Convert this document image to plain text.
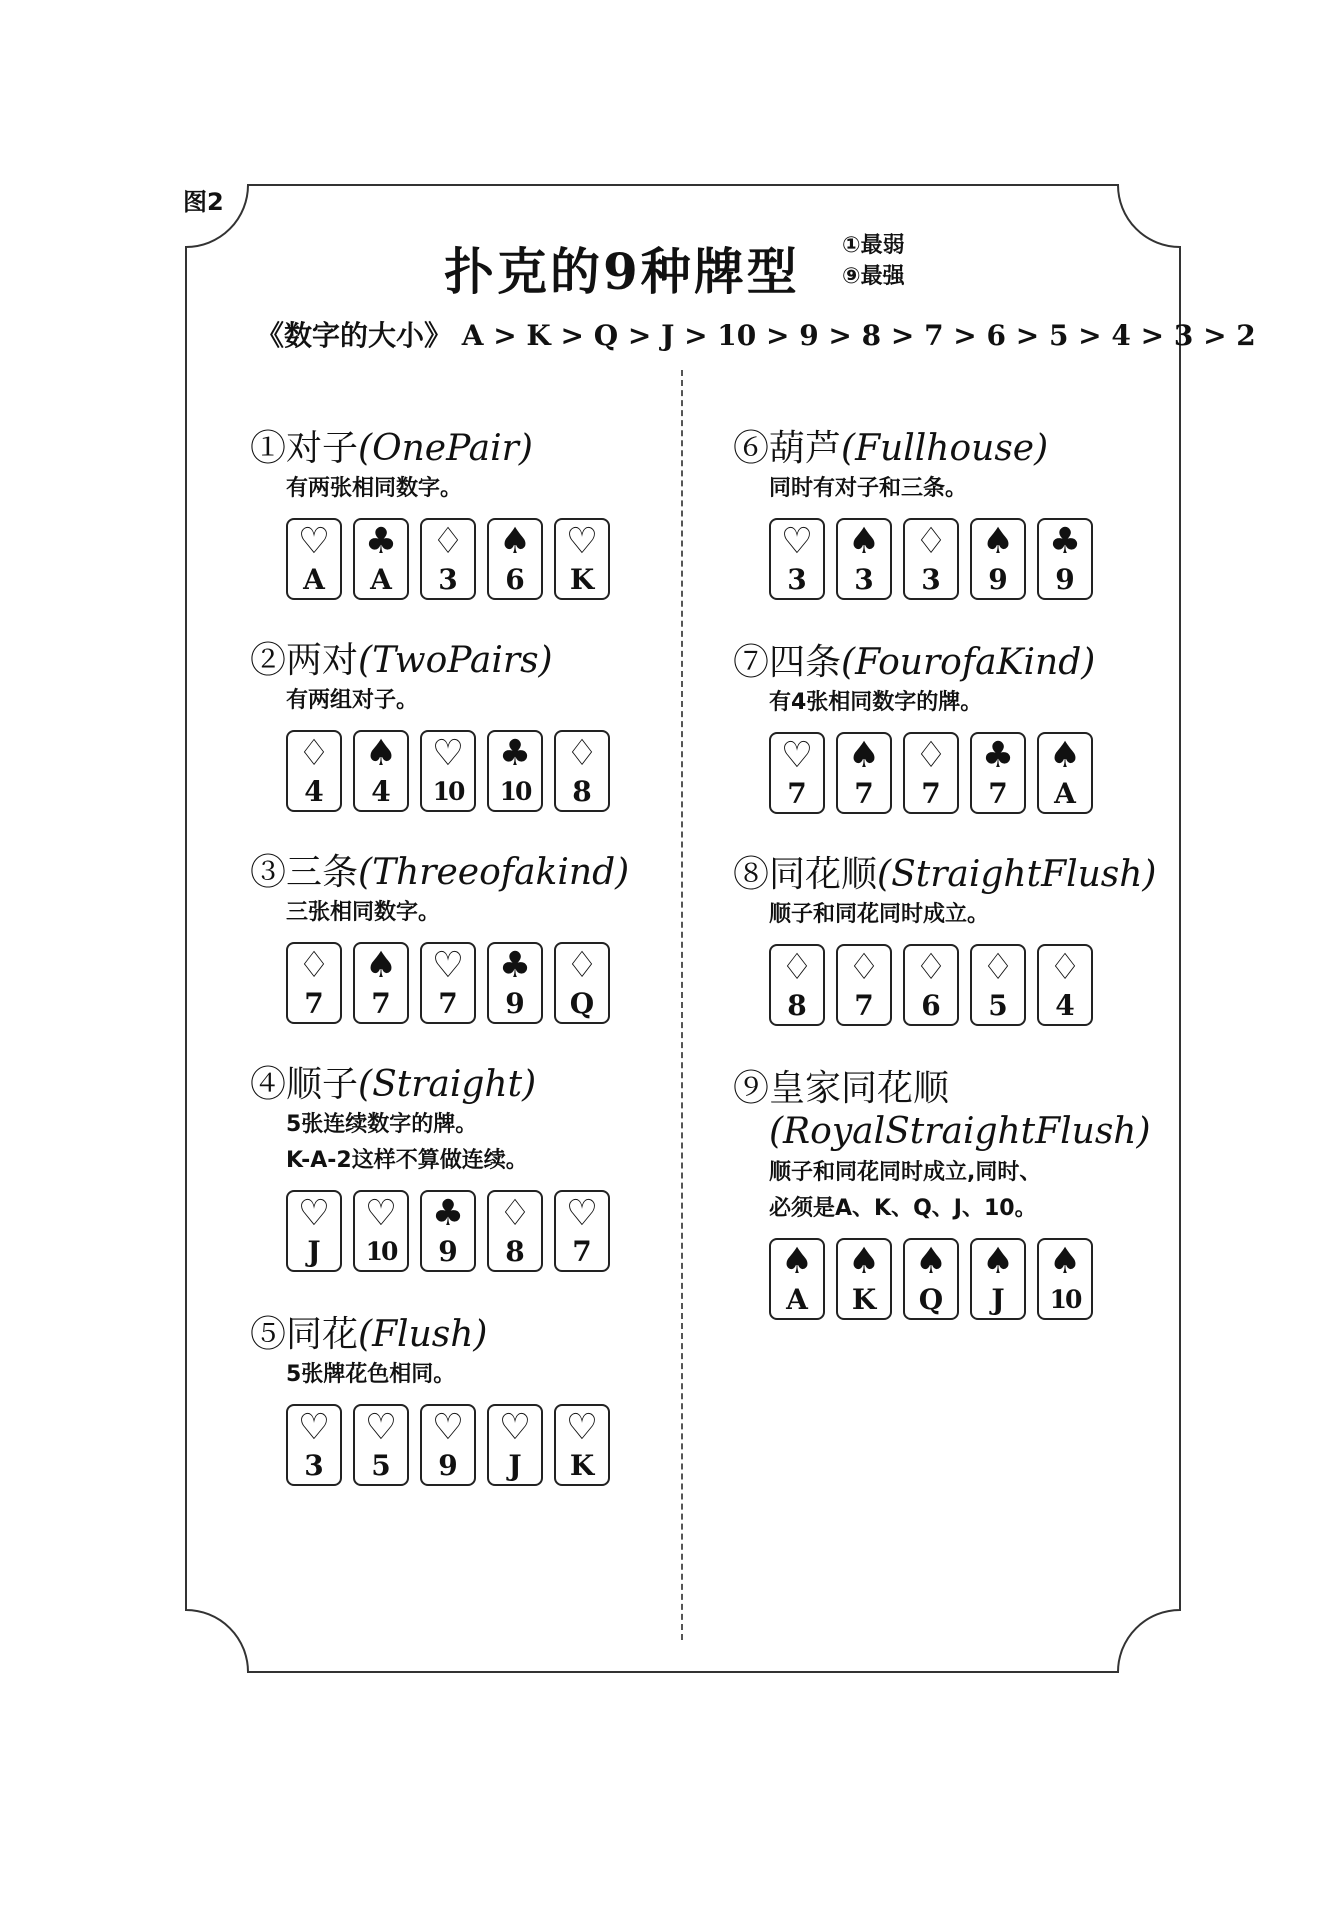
图2
扑克的9种牌型 ①最弱
⑨最强
《数字的大小》 A > K > Q > J > 10 > 9 > 8 > 7 > 6 > 5 > 4 > 3 > 2
①对子(OnePair)
有两张相同数字。
♡
A
♣
A
♢
3
♠
6
♡
K
②两对(TwoPairs)
有两组对子。
♢
4
♠
4
♡
10
♣
10
♢
8
③三条(Threeofakind)
三张相同数字。
♢
7
♠
7
♡
7
♣
9
♢
Q
④顺子(Straight)
5张连续数字的牌。
K-A-2这样不算做连续。
♡
J
♡
10
♣
9
♢
8
♡
7
⑤同花(Flush)
5张牌花色相同。
♡
3
♡
5
♡
9
♡
J
♡
K
⑥葫芦(Fullhouse)
同时有对子和三条。
♡
3
♠
3
♢
3
♠
9
♣
9
⑦四条(FourofaKind)
有4张相同数字的牌。
♡
7
♠
7
♢
7
♣
7
♠
A
⑧同花顺(StraightFlush)
顺子和同花同时成立。
♢
8
♢
7
♢
6
♢
5
♢
4
⑨皇家同花顺
(RoyalStraightFlush)
顺子和同花同时成立,同时、
必须是A、K、Q、J、10。
♠
A
♠
K
♠
Q
♠
J
♠
10
